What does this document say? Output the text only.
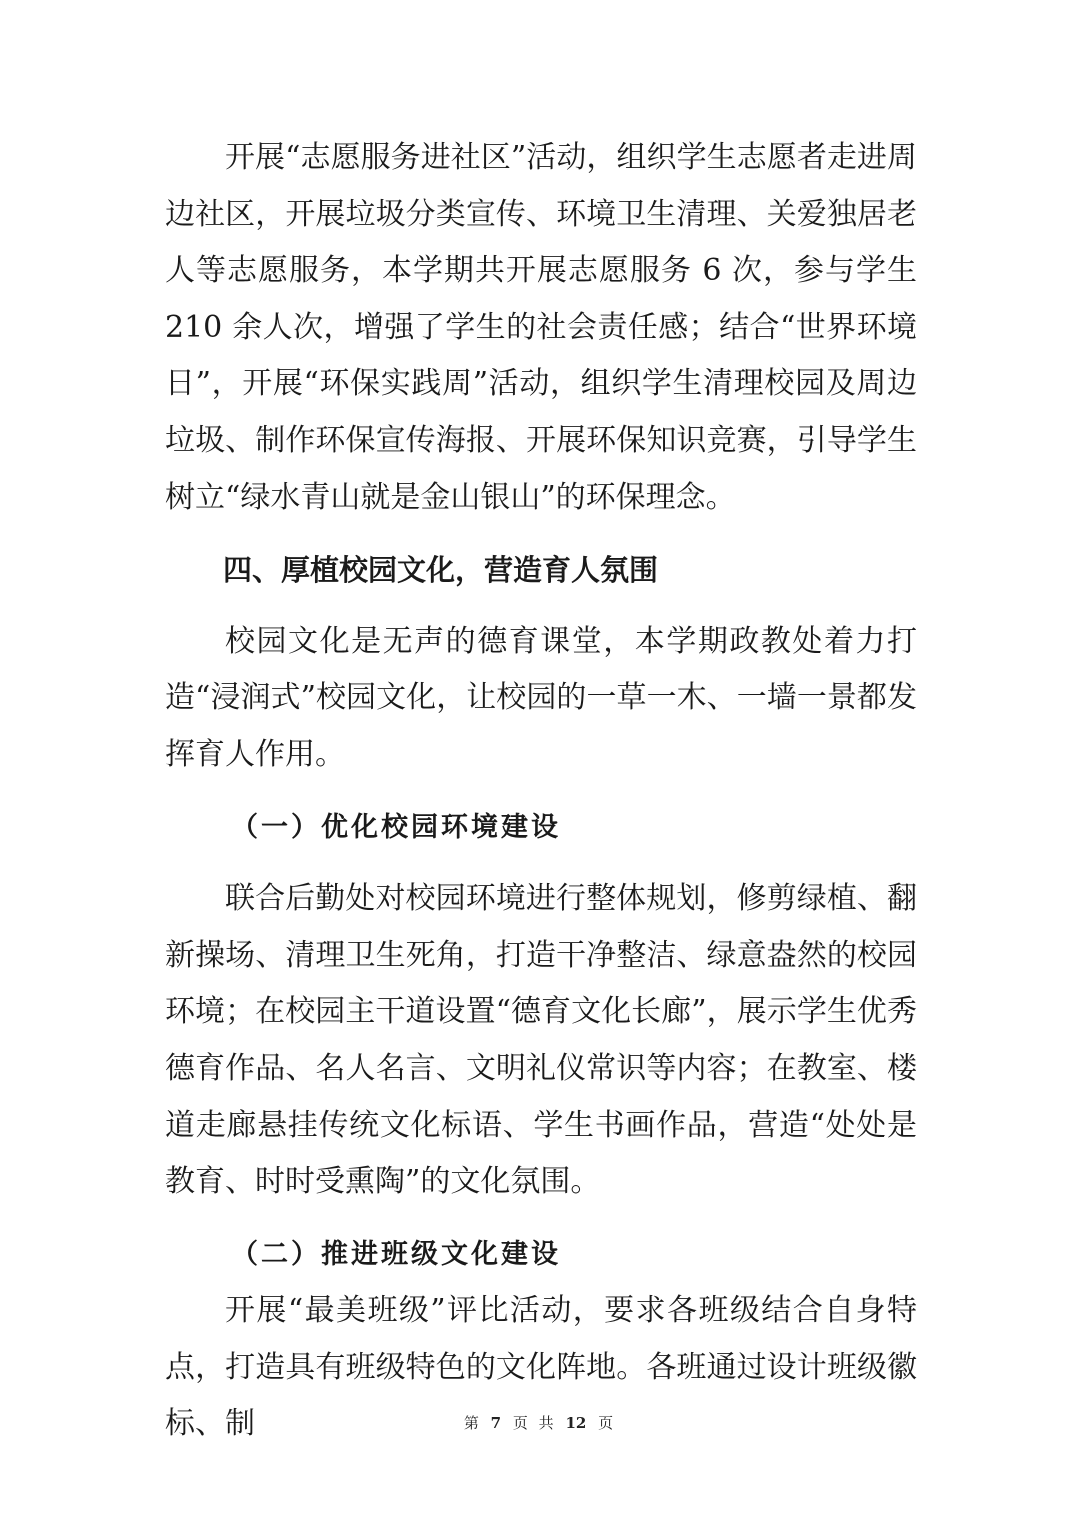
开展“志愿服务进社区”活动，组织学生志愿者走进周边社区，开展垃圾分类宣传、环境卫生清理、关爱独居老人等志愿服务，本学期共开展志愿服务 6 次，参与学生 210 余人次，增强了学生的社会责任感；结合“世界环境日”，开展“环保实践周”活动，组织学生清理校园及周边垃圾、制作环保宣传海报、开展环保知识竞赛，引导学生树立“绿水青山就是金山银山”的环保理念。

四、厚植校园文化，营造育人氛围

校园文化是无声的德育课堂，本学期政教处着力打造“浸润式”校园文化，让校园的一草一木、一墙一景都发挥育人作用。

（一）优化校园环境建设

联合后勤处对校园环境进行整体规划，修剪绿植、翻新操场、清理卫生死角，打造干净整洁、绿意盎然的校园环境；在校园主干道设置“德育文化长廊”，展示学生优秀德育作品、名人名言、文明礼仪常识等内容；在教室、楼道走廊悬挂传统文化标语、学生书画作品，营造“处处是教育、时时受熏陶”的文化氛围。

（二）推进班级文化建设

开展“最美班级”评比活动，要求各班级结合自身特点，打造具有班级特色的文化阵地。各班通过设计班级徽标、制	第 7 页 共 12 页
